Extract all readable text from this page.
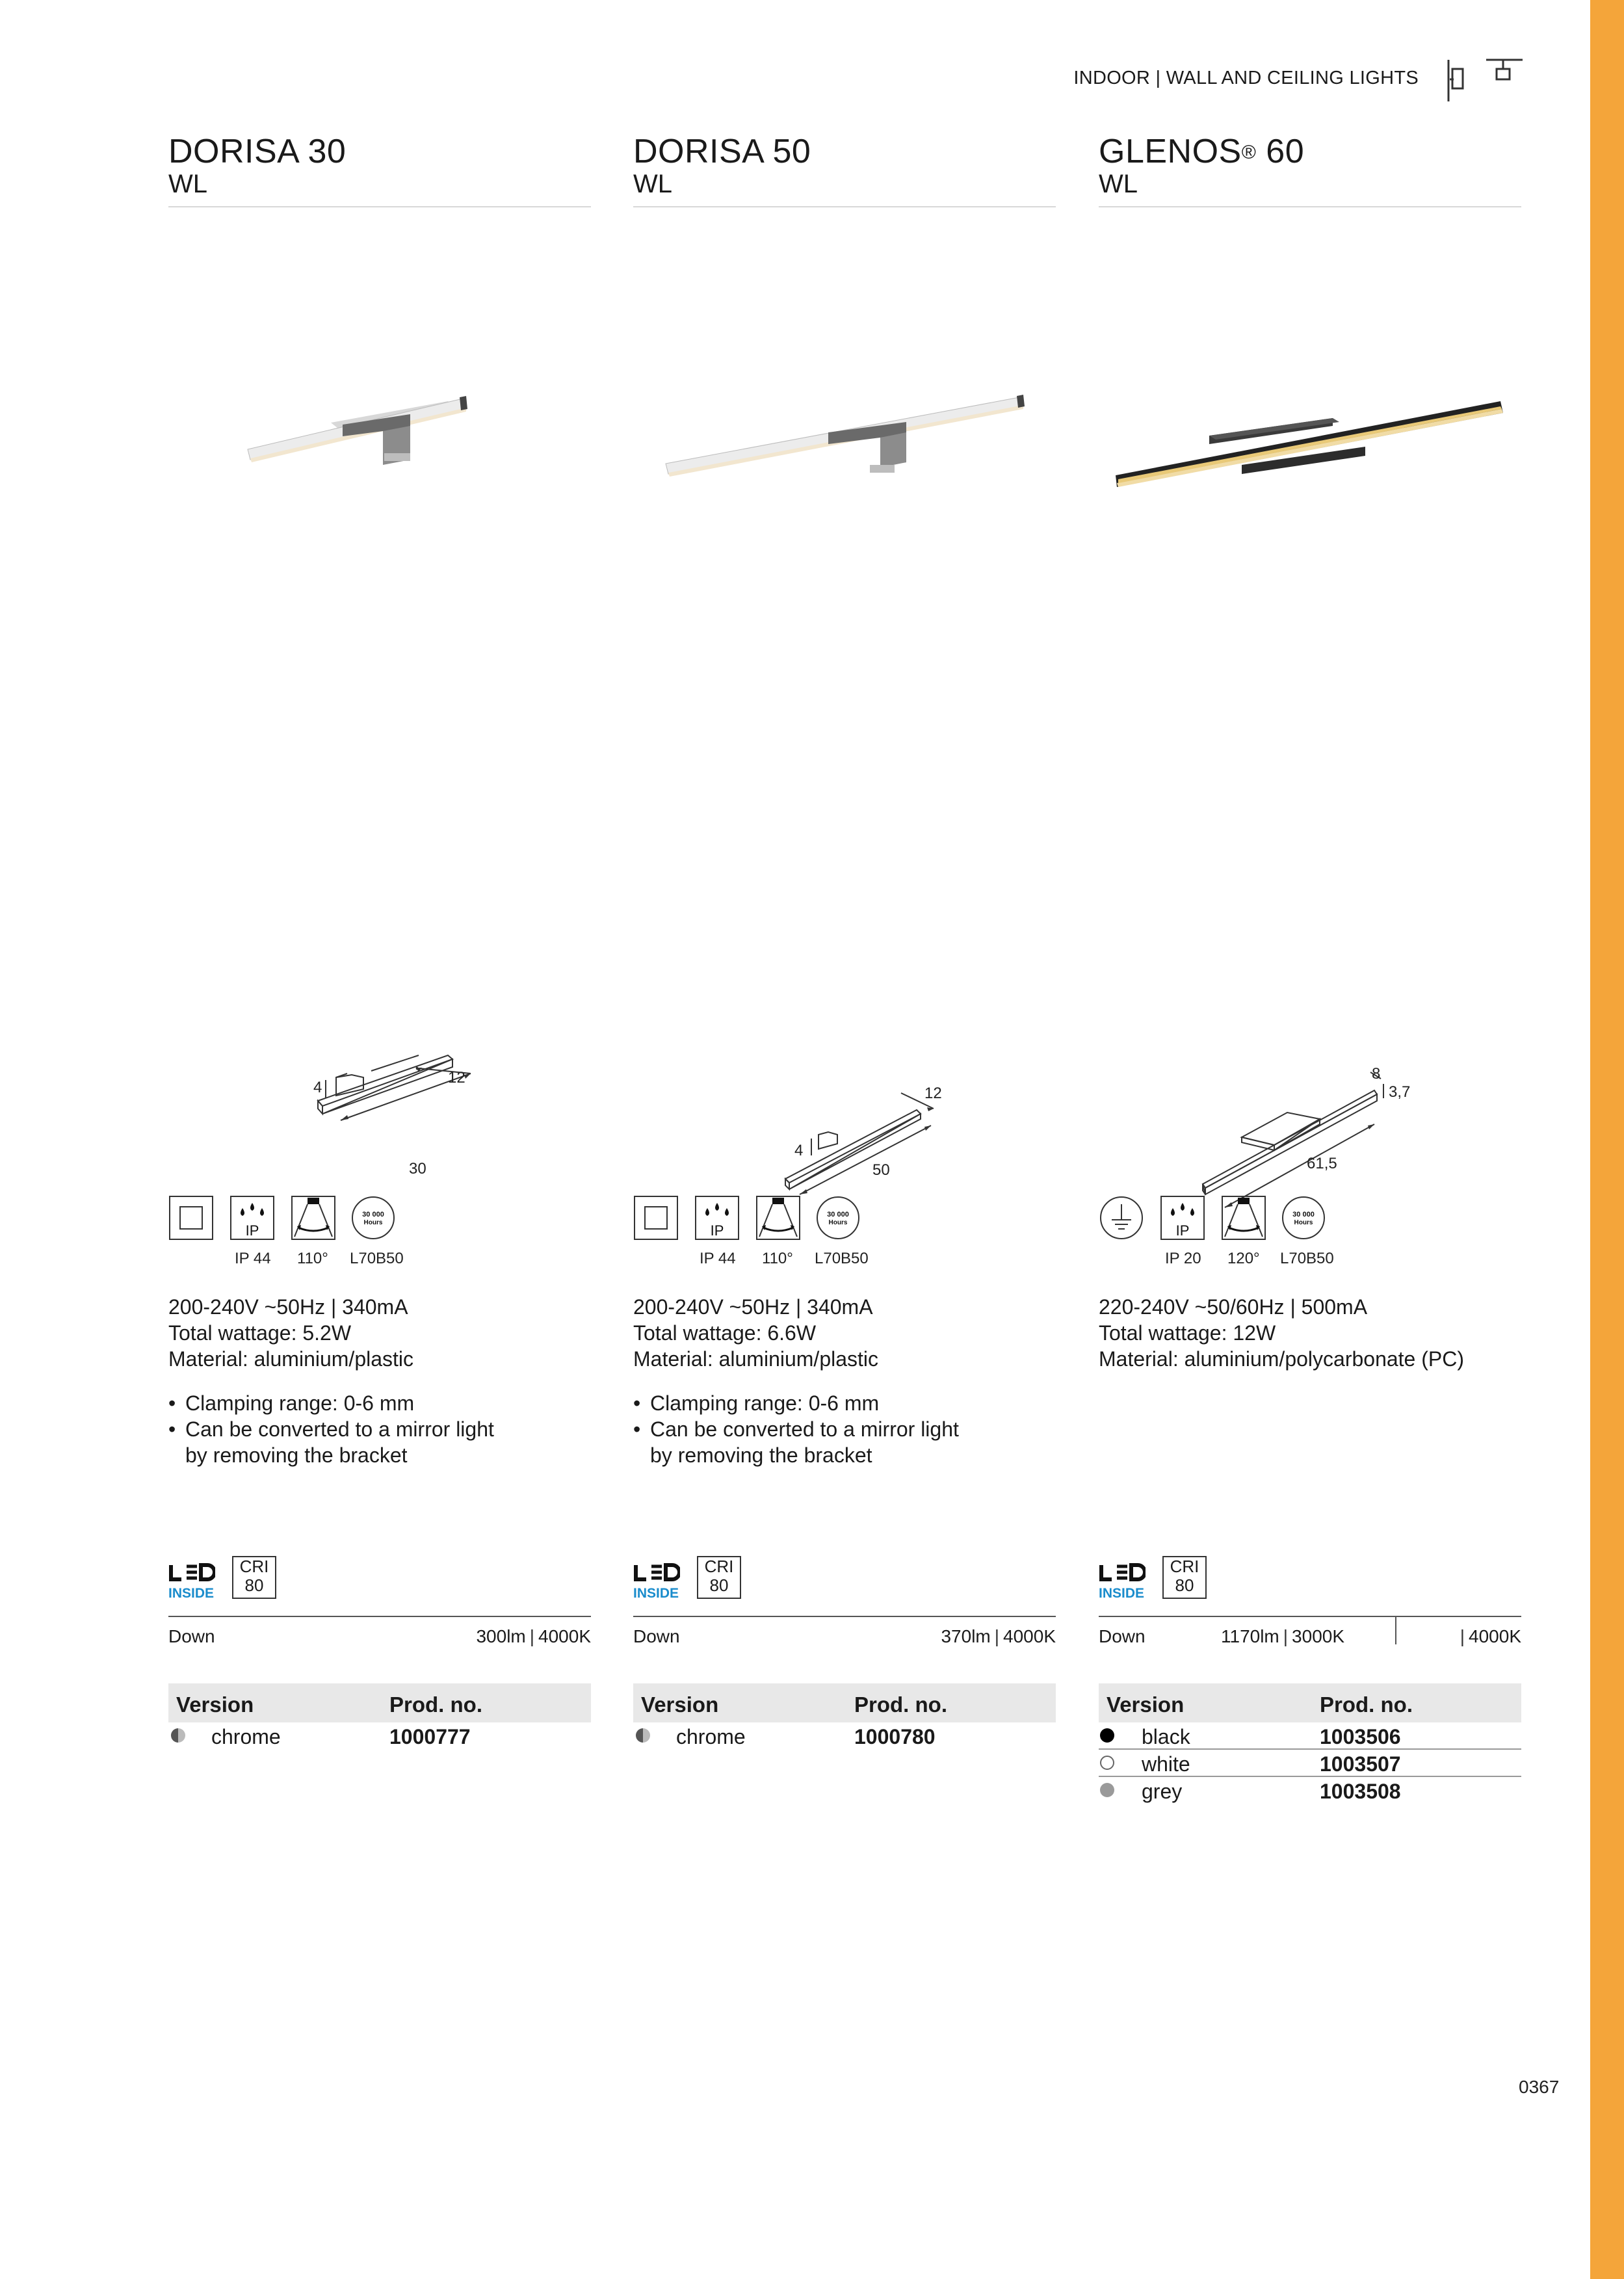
INDOOR | WALL AND CEILING LIGHTS
DORISA 30
WL
4
12
30
IP
30 000
Hours
IP 44 110° L70B50
200-240V ~50Hz | 340mA
Total wattage: 5.2W
Material: aluminium/plastic
• Clamping range: 0-6 mm
• Can be converted to a mirror light
by removing the bracket
INSIDE
CRI
80
Down	300lm | 4000K
Version	Prod. no.
chrome	1000777
DORISA 50
WL
4
12
50
IP
30 000
Hours
IP 44 110° L70B50
200-240V ~50Hz | 340mA
Total wattage: 6.6W
Material: aluminium/plastic
• Clamping range: 0-6 mm
• Can be converted to a mirror light
by removing the bracket
INSIDE
CRI
80
Down	370lm | 4000K
Version	Prod. no.
chrome	1000780
GLENOS® 60
WL
8
3,7
61,5
IP
30 000
Hours
IP 20 120° L70B50
220-240V ~50/60Hz | 500mA
Total wattage: 12W
Material: aluminium/polycarbonate (PC)
INSIDE
CRI
80
Down	1170lm | 3000K	| 4000K
Version	Prod. no.
black	1003506
white	1003507
grey	1003508
0367
